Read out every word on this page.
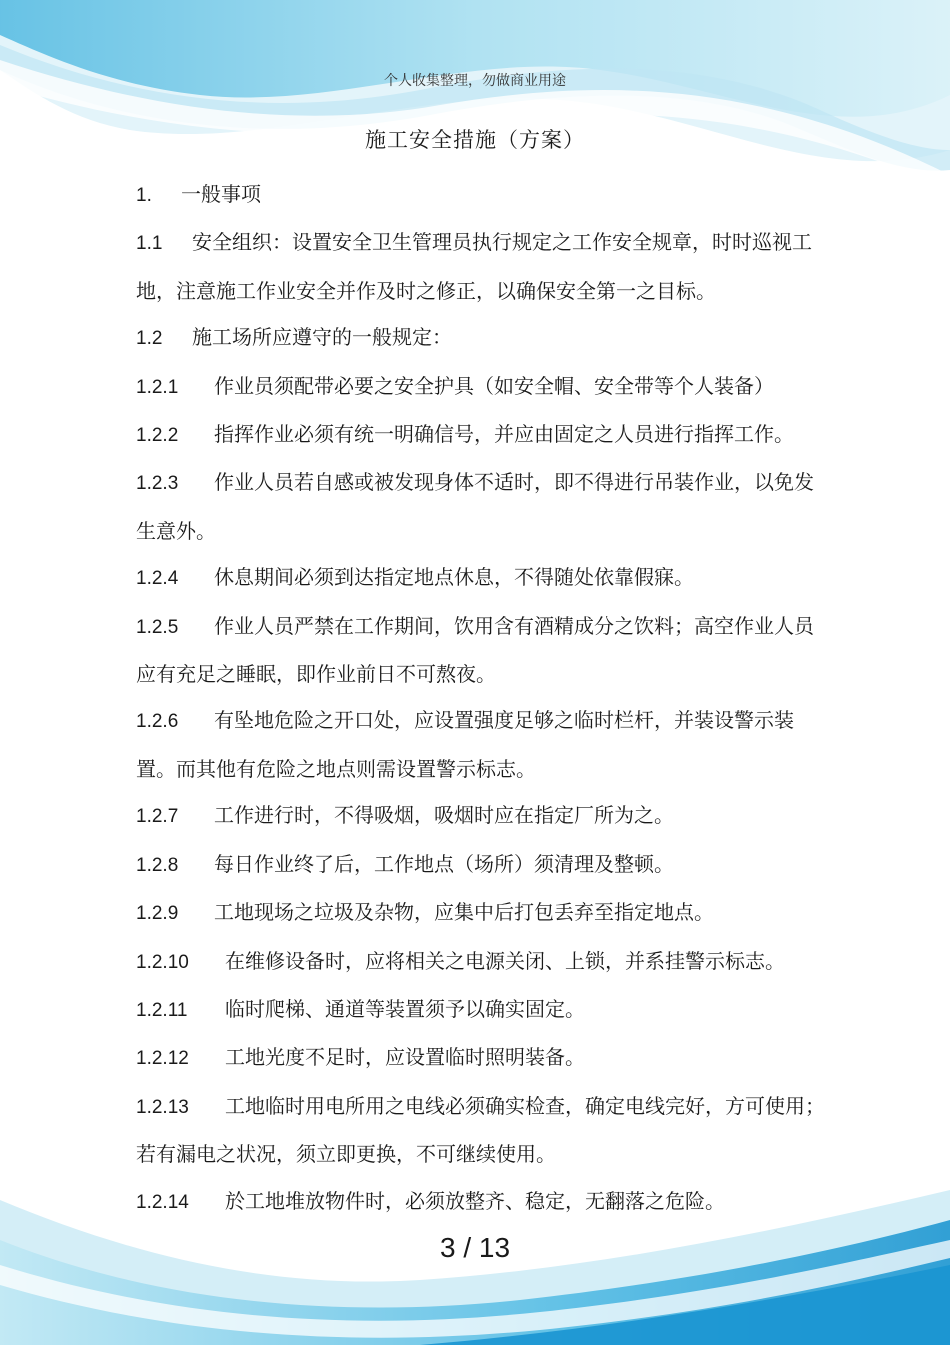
个人收集整理，勿做商业用途
施工安全措施（方案）

1. 一般事项

1.1 安全组织：设置安全卫生管理员执行规定之工作安全规章，时时巡视工地，注意施工作业安全并作及时之修正，以确保安全第一之目标。

1.2 施工场所应遵守的一般规定：

1.2.1 作业员须配带必要之安全护具（如安全帽、安全带等个人装备）

1.2.2 指挥作业必须有统一明确信号，并应由固定之人员进行指挥工作。

1.2.3 作业人员若自感或被发现身体不适时，即不得进行吊装作业，以免发生意外。

1.2.4 休息期间必须到达指定地点休息，不得随处依靠假寐。

1.2.5 作业人员严禁在工作期间，饮用含有酒精成分之饮料；高空作业人员应有充足之睡眠，即作业前日不可熬夜。

1.2.6 有坠地危险之开口处，应设置强度足够之临时栏杆，并装设警示装置。而其他有危险之地点则需设置警示标志。

1.2.7 工作进行时，不得吸烟，吸烟时应在指定厂所为之。

1.2.8 每日作业终了后，工作地点（场所）须清理及整顿。

1.2.9 工地现场之垃圾及杂物，应集中后打包丢弃至指定地点。

1.2.10 在维修设备时，应将相关之电源关闭、上锁，并系挂警示标志。

1.2.11 临时爬梯、通道等装置须予以确实固定。

1.2.12 工地光度不足时，应设置临时照明装备。

1.2.13 工地临时用电所用之电线必须确实检查，确定电线完好，方可使用；若有漏电之状况，须立即更换，不可继续使用。

1.2.14 於工地堆放物件时，必须放整齐、稳定，无翻落之危险。

3 / 13
